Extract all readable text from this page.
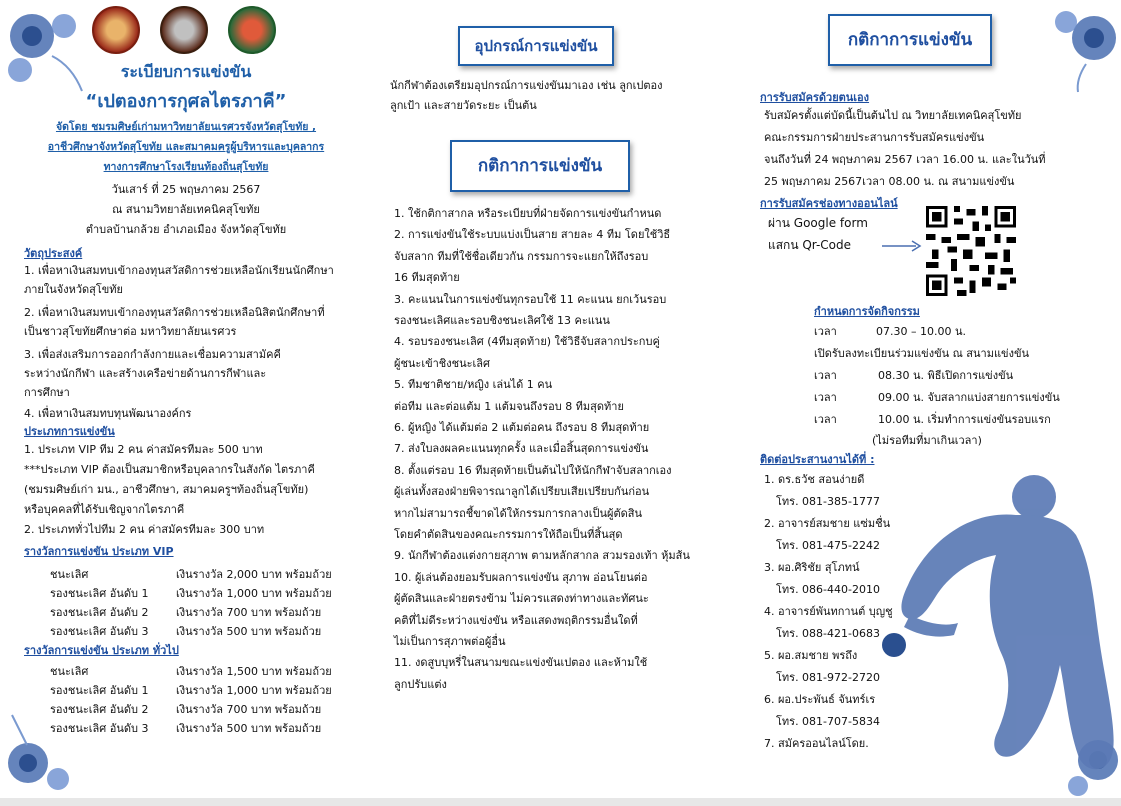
ระเบียบการแข่งขัน
“เปตองการกุศลไตรภาคี”
จัดโดย ชมรมศิษย์เก่ามหาวิทยาลัยนเรศวรจังหวัดสุโขทัย ,
อาชีวศึกษาจังหวัดสุโขทัย และสมาคมครูผู้บริหารและบุคลากร
ทางการศึกษาโรงเรียนท้องถิ่นสุโขทัย
วันเสาร์ ที่ 25 พฤษภาคม 2567
ณ สนามวิทยาลัยเทคนิคสุโขทัย
ตำบลบ้านกล้วย อำเภอเมือง จังหวัดสุโขทัย
วัตถุประสงค์
1. เพื่อหาเงินสมทบเข้ากองทุนสวัสดิการช่วยเหลือนักเรียนนักศึกษา
ภายในจังหวัดสุโขทัย
2. เพื่อหาเงินสมทบเข้ากองทุนสวัสดิการช่วยเหลือนิสิตนักศึกษาที่
เป็นชาวสุโขทัยศึกษาต่อ มหาวิทยาลัยนเรศวร
3. เพื่อส่งเสริมการออกกำลังกายและเชื่อมความสามัคคี
ระหว่างนักกีฬา และสร้างเครือข่ายด้านการกีฬาและ
การศึกษา
4. เพื่อหาเงินสมทบทุนพัฒนาองค์กร
ประเภทการแข่งขัน
1. ประเภท VIP ทีม 2 คน ค่าสมัครทีมละ 500 บาท
***ประเภท VIP ต้องเป็นสมาชิกหรือบุคลากรในสังกัด ไตรภาคี
(ชมรมศิษย์เก่า มน., อาชีวศึกษา, สมาคมครูฯท้องถิ่นสุโขทัย)
หรือบุคคลที่ได้รับเชิญจากไตรภาคี
2. ประเภททั่วไปทีม 2 คน ค่าสมัครทีมละ 300 บาท
รางวัลการแข่งขัน ประเภท VIP
ชนะเลิศ	เงินรางวัล 2,000 บาท พร้อมถ้วย
รองชนะเลิศ อันดับ 1 เงินรางวัล 1,000 บาท พร้อมถ้วย
รองชนะเลิศ อันดับ 2 เงินรางวัล 700 บาท พร้อมถ้วย
รองชนะเลิศ อันดับ 3 เงินรางวัล 500 บาท พร้อมถ้วย
รางวัลการแข่งขัน ประเภท ทั่วไป
ชนะเลิศ	เงินรางวัล 1,500 บาท พร้อมถ้วย
รองชนะเลิศ อันดับ 1 เงินรางวัล 1,000 บาท พร้อมถ้วย
รองชนะเลิศ อันดับ 2 เงินรางวัล 700 บาท พร้อมถ้วย
รองชนะเลิศ อันดับ 3 เงินรางวัล 500 บาท พร้อมถ้วย
อุปกรณ์การแข่งขัน
นักกีฬาต้องเตรียมอุปกรณ์การแข่งขันมาเอง เช่น ลูกเปตอง
ลูกเป้า และสายวัดระยะ เป็นต้น
กติกาการแข่งขัน
1. ใช้กติกาสากล หรือระเบียบที่ฝ่ายจัดการแข่งขันกำหนด
2. การแข่งขันใช้ระบบแบ่งเป็นสาย สายละ 4 ทีม โดยใช้วิธี
จับสลาก ทีมที่ใช้ชื่อเดียวกัน กรรมการจะแยกให้ถึงรอบ
16 ทีมสุดท้าย
3. คะแนนในการแข่งขันทุกรอบใช้ 11 คะแนน ยกเว้นรอบ
รองชนะเลิศและรอบชิงชนะเลิศใช้ 13 คะแนน
4. รอบรองชนะเลิศ (4ทีมสุดท้าย) ใช้วิธีจับสลากประกบคู่
ผู้ชนะเข้าชิงชนะเลิศ
5. ทีมชาติชาย/หญิง เล่นได้ 1 คน
ต่อทีม และต่อแต้ม 1 แต้มจนถึงรอบ 8 ทีมสุดท้าย
6. ผู้หญิง ได้แต้มต่อ 2 แต้มต่อคน ถึงรอบ 8 ทีมสุดท้าย
7. ส่งใบลงผลคะแนนทุกครั้ง และเมื่อสิ้นสุดการแข่งขัน
8. ตั้งแต่รอบ 16 ทีมสุดท้ายเป็นต้นไปให้นักกีฬาจับสลากเอง
ผู้เล่นทั้งสองฝ่ายพิจารณาลูกได้เปรียบเสียเปรียบกันก่อน
หากไม่สามารถชี้ขาดได้ให้กรรมการกลางเป็นผู้ตัดสิน
โดยคำตัดสินของคณะกรรมการให้ถือเป็นที่สิ้นสุด
9. นักกีฬาต้องแต่งกายสุภาพ ตามหลักสากล สวมรองเท้า หุ้มส้น
10. ผู้เล่นต้องยอมรับผลการแข่งขัน สุภาพ อ่อนโยนต่อ
ผู้ตัดสินและฝ่ายตรงข้าม ไม่ควรแสดงท่าทางและทัศนะ
คติที่ไม่ดีระหว่างแข่งขัน หรือแสดงพฤติกรรมอื่นใดที่
ไม่เป็นการสุภาพต่อผู้อื่น
11. งดสูบบุหรี่ในสนามขณะแข่งขันเปตอง และห้ามใช้
ลูกปรับแต่ง
กติกาการแข่งขัน
การรับสมัครด้วยตนเอง
รับสมัครตั้งแต่บัดนี้เป็นต้นไป ณ วิทยาลัยเทคนิคสุโขทัย
คณะกรรมการฝ่ายประสานการรับสมัครแข่งขัน
จนถึงวันที่ 24 พฤษภาคม 2567 เวลา 16.00 น. และในวันที่
25 พฤษภาคม 2567เวลา 08.00 น. ณ สนามแข่งขัน
การรับสมัครช่องทางออนไลน์
ผ่าน Google form
แสกน Qr-Code
กำหนดการจัดกิจกรรม
เวลา	07.30 – 10.00 น.
เปิดรับลงทะเบียนร่วมแข่งขัน ณ สนามแข่งขัน
เวลา	08.30 น. พิธีเปิดการแข่งขัน
เวลา	09.00 น. จับสลากแบ่งสายการแข่งขัน
เวลา	10.00 น. เริ่มทำการแข่งขันรอบแรก
(ไม่รอทีมที่มาเกินเวลา)
ติดต่อประสานงานได้ที่ :
1. ดร.ธวัช สอนง่ายดี
โทร. 081-385-1777
2. อาจารย์สมชาย แซ่มชื่น
โทร. 081-475-2242
3. ผอ.ศิริชัย สุโภทน์
โทร. 086-440-2010
4. อาจารย์พันทกานต์ บุญชู
โทร. 088-421-0683
5. ผอ.สมชาย พรถึง
โทร. 081-972-2720
6. ผอ.ประพันธ์ จันทร์เร
โทร. 081-707-5834
7. สมัครออนไลน์โดย.
